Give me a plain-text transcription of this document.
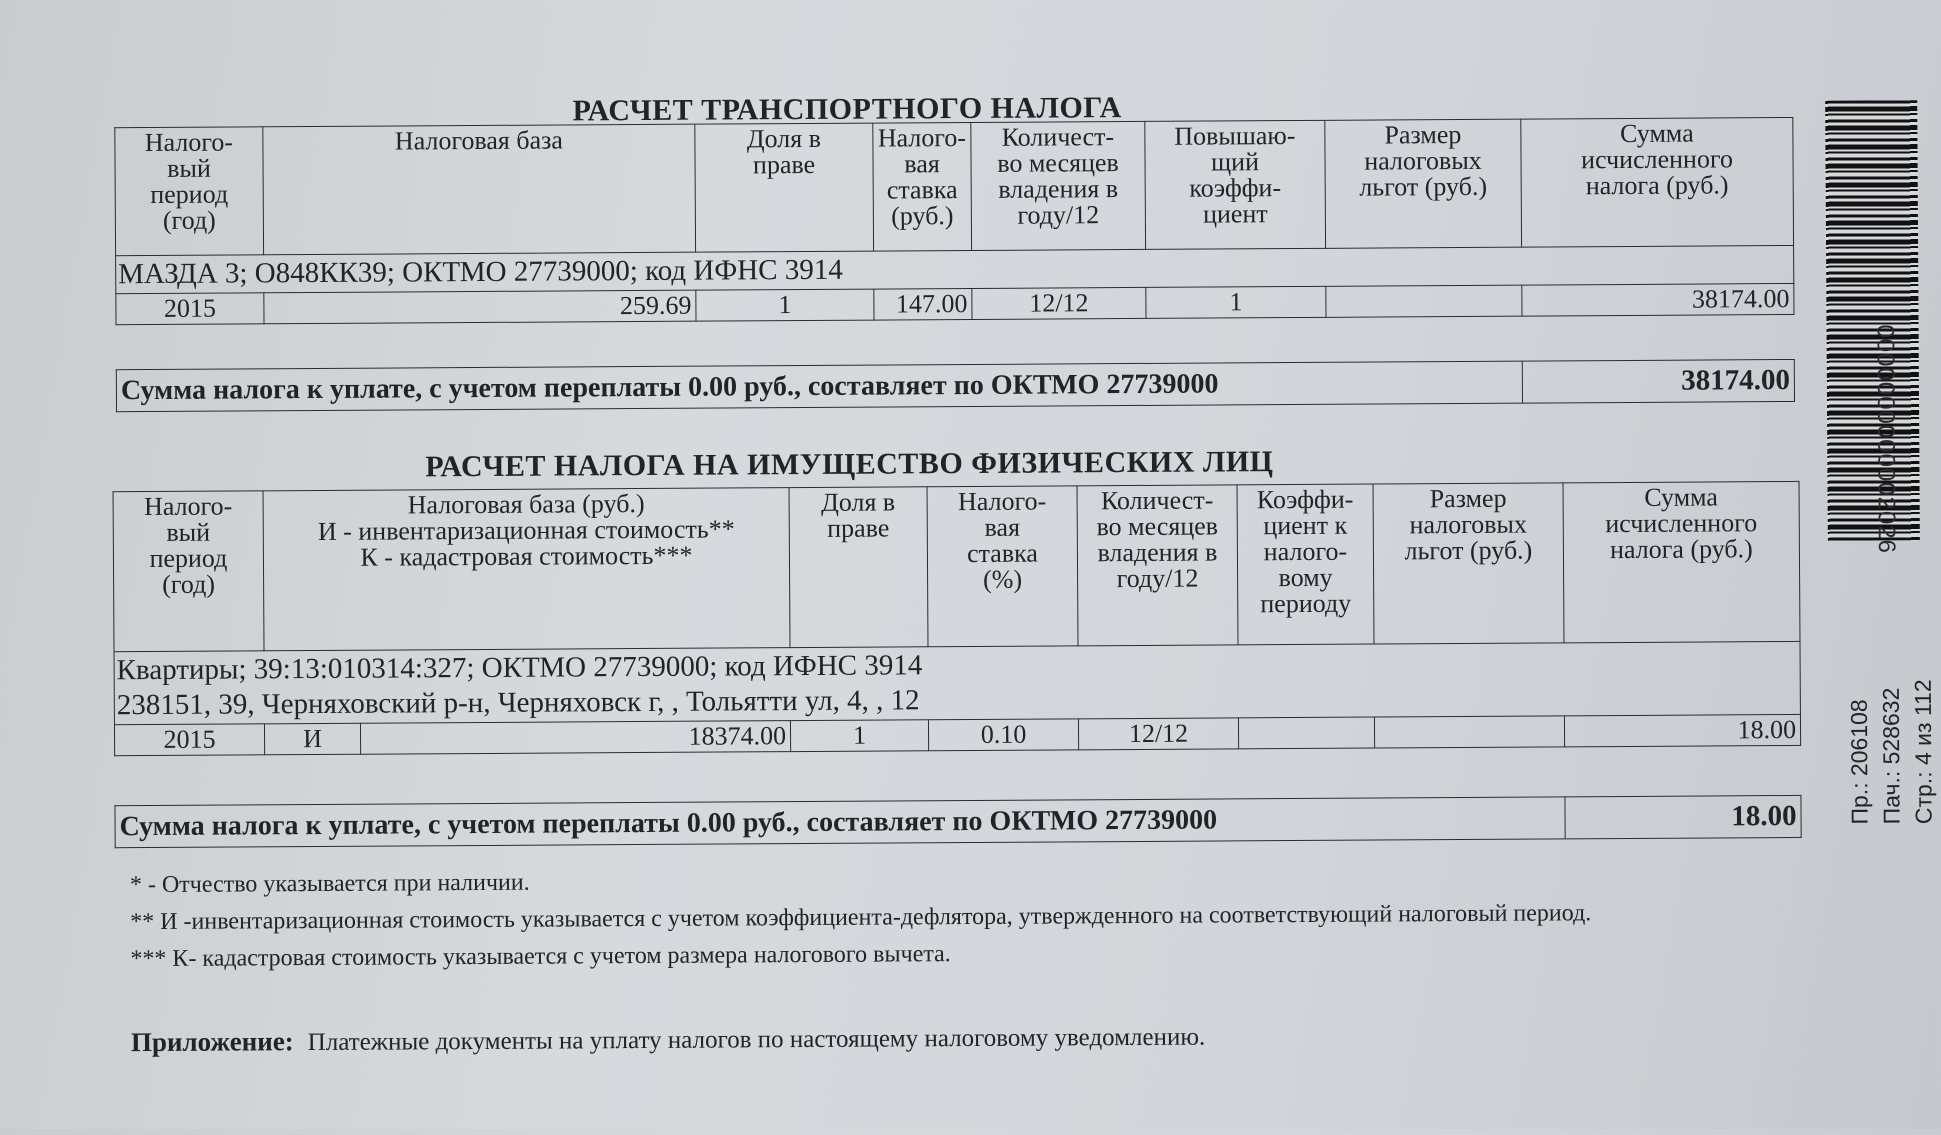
РАСЧЕТ ТРАНСПОРТНОГО НАЛОГА
Налого-
вый
период
(год)	Налоговая база	Доля в
праве	Налого-
вая
ставка
(руб.)	Количест-
во месяцев
владения в
году/12	Повышаю-
щий
коэффи-
циент	Размер
налоговых
льгот (руб.)	Сумма
исчисленного
налога (руб.)
МАЗДА 3; О848КК39; ОКТМО 27739000; код ИФНС 3914							
2015	259.69	1	147.00	12/12	1		38174.00
Сумма налога к уплате, с учетом переплаты 0.00 руб., составляет по ОКТМО 27739000	38174.00
РАСЧЕТ НАЛОГА НА ИМУЩЕСТВО ФИЗИЧЕСКИХ ЛИЦ
Налого-
вый
период
(год)	Налоговая база (руб.)
И - инвентаризационная стоимость**
К - кадастровая стоимость***		Доля в
праве	Налого-
вая
ставка
(%)	Количест-
во месяцев
владения в
году/12	Коэффи-
циент к
налого-
вому
периоду	Размер
налоговых
льгот (руб.)	Сумма
исчисленного
налога (руб.)

Квартиры; 39:13:010314:327; ОКТМО 27739000; код ИФНС 3914
238151, 39, Черняховский р-н, Черняховск г, , Тольятти ул, 4, , 12								

2015	И	18374.00	1	0.10	12/12			18.00
Сумма налога к уплате, с учетом переплаты 0.00 руб., составляет по ОКТМО 27739000	18.00
* - Отчество указывается при наличии.
** И -инвентаризационная стоимость указывается с учетом коэффициента-дефлятора, утвержденного на соответствующий налоговый период.
*** К- кадастровая стоимость указывается с учетом размера налогового вычета.
Приложение: Платежные документы на уплату налогов по настоящему налоговому уведомлению.
0000000000002026
Пр.: 206108 Пач.: 528632 Стр.: 4 из 112
